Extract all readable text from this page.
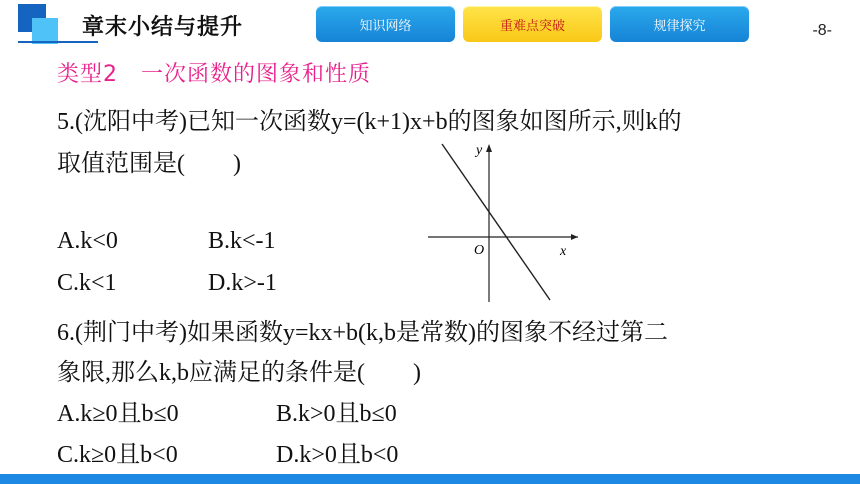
章末小结与提升	知识网络	重难点突破	规律探究	-8-
类型2　一次函数的图象和性质
5.(沈阳中考)已知一次函数y=(k+1)x+b的图象如图所示,则k的
取值范围是(　　)
A.k<0	B.k<-1
C.k<1	D.k>-1
y
x
O
6.(荆门中考)如果函数y=kx+b(k,b是常数)的图象不经过第二
象限,那么k,b应满足的条件是(　　)
A.k≥0且b≤0	B.k>0且b≤0
C.k≥0且b<0	D.k>0且b<0
